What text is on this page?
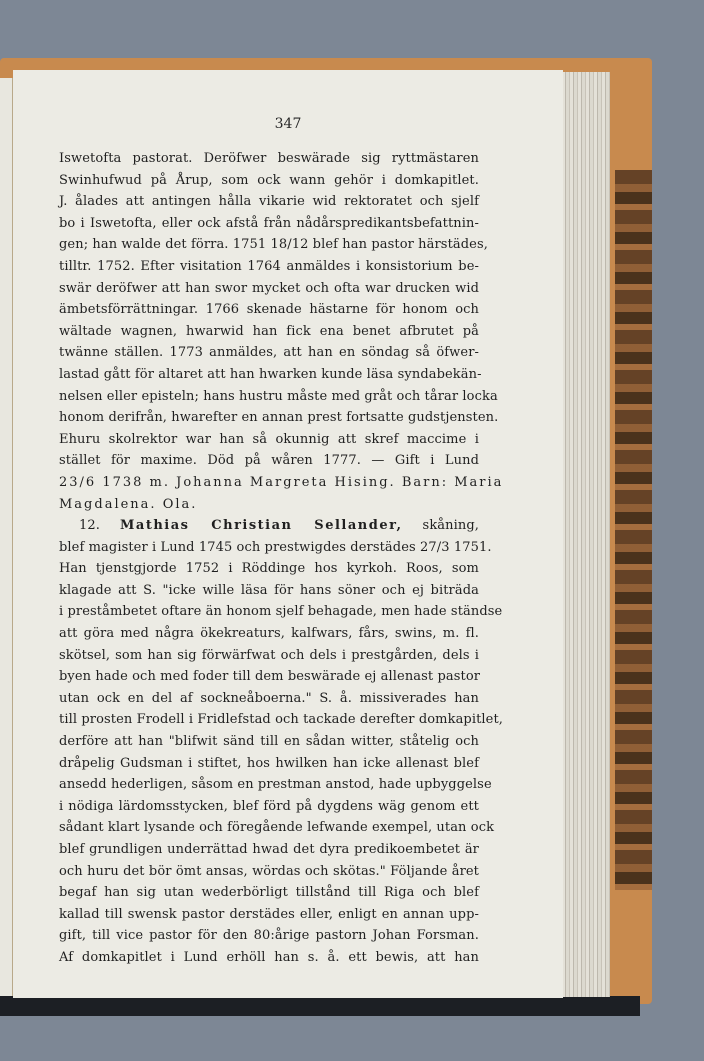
347
Iswetofta pastorat. Deröfwer beswärade sig ryttmästaren
Swinhufwud på Årup, som ock wann gehör i domkapitlet.
J. ålades att antingen hålla vikarie wid rektoratet och sjelf
bo i Iswetofta, eller ock afstå från nådårspredikantsbefattnin-
gen; han walde det förra. 1751 18/12 blef han pastor härstädes,
tilltr. 1752. Efter visitation 1764 anmäldes i konsistorium be-
swär deröfwer att han swor mycket och ofta war drucken wid
ämbetsförrättningar. 1766 skenade hästarne för honom och
wältade wagnen, hwarwid han fick ena benet afbrutet på
twänne ställen. 1773 anmäldes, att han en söndag så öfwer-
lastad gått för altaret att han hwarken kunde läsa syndabekän-
nelsen eller episteln; hans hustru måste med gråt och tårar locka
honom derifrån, hwarefter en annan prest fortsatte gudstjensten.
Ehuru skolrektor war han så okunnig att skref maccime i
stället för maxime. Död på wåren 1777. — Gift i Lund
23/6 1738 m. Johanna Margreta Hising. Barn: Maria
Magdalena. Ola.
12. Mathias Christian Sellander, skåning,
blef magister i Lund 1745 och prestwigdes derstädes 27/3 1751.
Han tjenstgjorde 1752 i Röddinge hos kyrkoh. Roos, som
klagade att S. "icke wille läsa för hans söner och ej biträda
i preståmbetet oftare än honom sjelf behagade, men hade ständse
att göra med några ökekreaturs, kalfwars, fårs, swins, m. fl.
skötsel, som han sig förwärfwat och dels i prestgården, dels i
byen hade och med foder till dem beswärade ej allenast pastor
utan ock en del af sockneåboerna." S. å. missiverades han
till prosten Frodell i Fridlefstad och tackade derefter domkapitlet,
derföre att han "blifwit sänd till en sådan witter, ståtelig och
dråpelig Gudsman i stiftet, hos hwilken han icke allenast blef
ansedd hederligen, såsom en prestman anstod, hade upbyggelse
i nödiga lärdomsstycken, blef förd på dygdens wäg genom ett
sådant klart lysande och föregående lefwande exempel, utan ock
blef grundligen underrättad hwad det dyra predikoembetet är
och huru det bör ömt ansas, wördas och skötas." Följande året
begaf han sig utan wederbörligt tillstånd till Riga och blef
kallad till swensk pastor derstädes eller, enligt en annan upp-
gift, till vice pastor för den 80:årige pastorn Johan Forsman.
Af domkapitlet i Lund erhöll han s. å. ett bewis, att han
